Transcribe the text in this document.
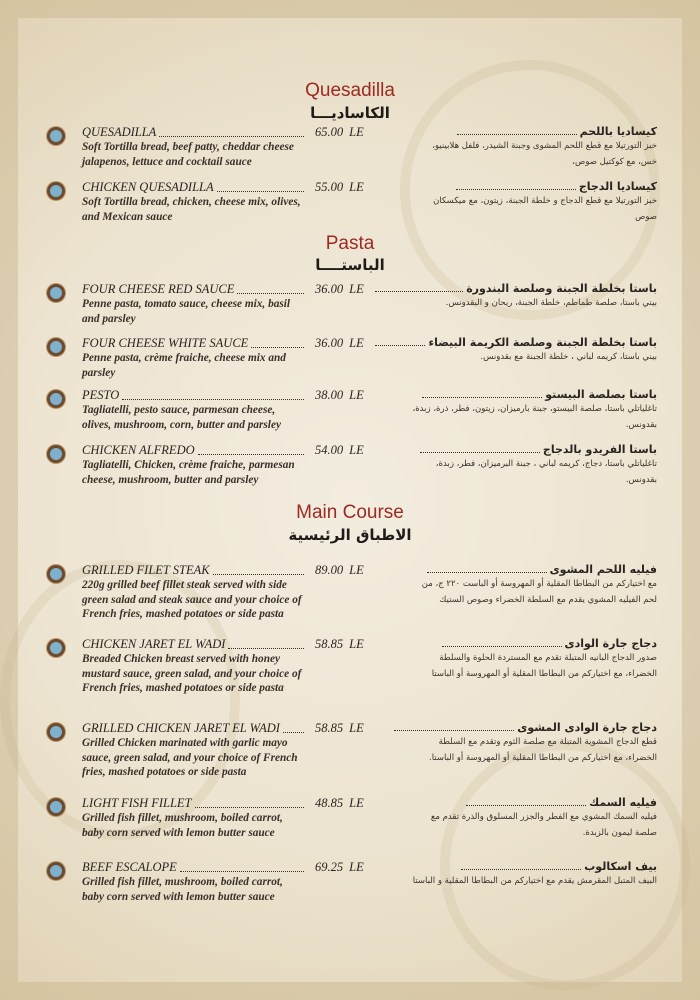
Quesadilla
الكاساديـــا
QUESADILLA
Soft Tortilla bread, beef patty, cheddar cheese jalapenos, lettuce and cocktail sauce
65.00 LE	كيساديا باللحم
خبز التورتيلا مع قطع اللحم المشوى وجبنة الشيدر، فلفل هلابينيو، خس، مع كوكتيل صوص،
CHICKEN QUESADILLA
Soft Tortilla bread, chicken, cheese mix, olives, and Mexican sauce
55.00 LE	كيساديا الدجاج
خبز التورتيلا مع قطع الدجاج و خلطة الجبنة، زيتون، مع ميكسكان صوص
Pasta
الباستــــا
FOUR CHEESE RED SAUCE
Penne pasta, tomato sauce, cheese mix, basil and parsley
36.00 LE	باستا بخلطة الجبنة وصلصة البندورة
بيني باستا، صلصة طماطم، خلطة الجبنة، ريحان و البقدونس.
FOUR CHEESE WHITE SAUCE
Penne pasta, crème fraiche, cheese mix and parsley
36.00 LE	باستا بخلطة الجبنة وصلصة الكريمة البيضاء
بيني باستا، كريمه لباني ، خلطة الجبنة مع بقدونس.
PESTO
Tagliatelli, pesto sauce, parmesan cheese, olives, mushroom, corn, butter and parsley
38.00 LE	باستا بصلصة البيستو
تاغلياتلي باستا، صلصة البيستو، جبنة بارميزان، زيتون، فطر، ذرة، زبدة، بقدونس.
CHICKEN ALFREDO
Tagliatelli, Chicken, crème fraiche, parmesan cheese, mushroom, butter and parsley
54.00 LE	باستا الفريدو بالدجاج
تاغلياتلي باستا، دجاج، كريمه لباني ، جبنة البرميزان، فطر، زبدة، بقدونس.
Main Course
الاطباق الرئيسية
GRILLED FILET STEAK
220g grilled beef fillet steak served with side green salad and steak sauce and your choice of French fries, mashed potatoes or side pasta
89.00 LE	فيليه اللحم المشوى
مع اختياركم من البطاطا المقلية أو المهروسة أو الباست ٢٢٠ ج، من لحم الفيليه المشوي يقدم مع السلطة الخضراء وصوص الستيك
CHICKEN JARET EL WADI
Breaded Chicken breast served with honey mustard sauce, green salad, and your choice of French fries, mashed potatoes or side pasta
58.85 LE	دجاج جارة الوادى
صدور الدجاج البانيه المتبلة تقدم مع المستردة الحلوة والسلطة الخضراء، مع اختياركم من البطاطا المقلية أو المهروسة أو الباستا
GRILLED CHICKEN JARET EL WADI
Grilled Chicken marinated with garlic mayo sauce, green salad, and your choice of French fries, mashed potatoes or side pasta
58.85 LE	دجاج جارة الوادى المشوى
قطع الدجاج المشوية المتبلة مع صلصة الثوم وتقدم مع السلطة الخضراء، مع اختياركم من البطاطا المقلية أو المهروسة أو الباستا.
LIGHT FISH FILLET
Grilled fish fillet, mushroom, boiled carrot, baby corn served with lemon butter sauce
48.85 LE	فيليه السمك
فيليه السمك المشوي مع الفطر والجزر المسلوق والذرة تقدم مع صلصة ليمون بالزبدة.
BEEF ESCALOPE
Grilled fish fillet, mushroom, boiled carrot, baby corn served with lemon butter sauce
69.25 LE	بيف اسكالوب
البيف المتبل المقرمش يقدم مع اختياركم من البطاطا المقلية و الباستا
